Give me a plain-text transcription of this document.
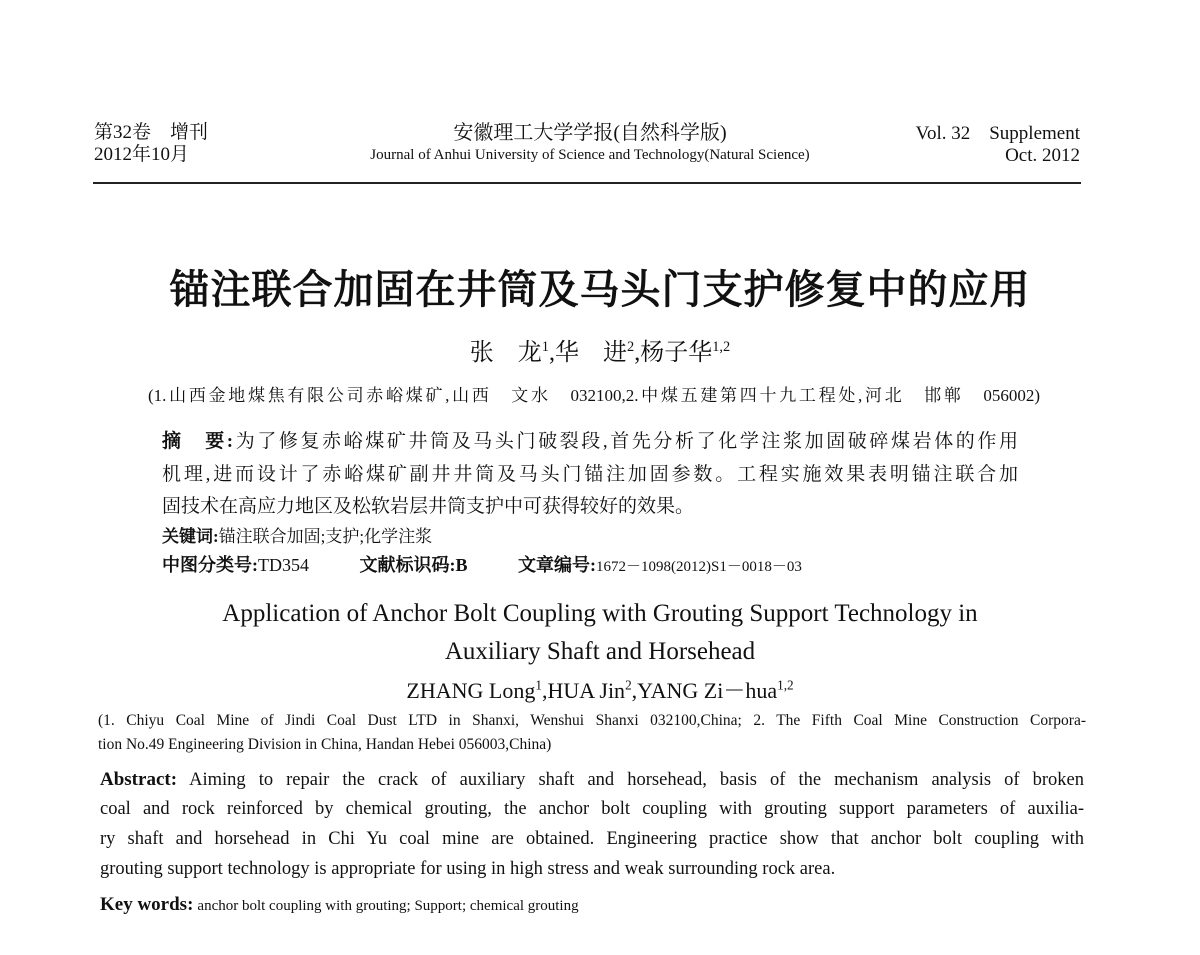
第32卷　增刊
2012年10月
安徽理工大学学报(自然科学版)
Journal of Anhui University of Science and Technology(Natural Science)
Vol. 32　Supplement
Oct. 2012
锚注联合加固在井筒及马头门支护修复中的应用
张　龙$^1$,华　进$^2$,杨子华$^{1,2}$
(1.山西金地煤焦有限公司赤峪煤矿,山西　文水　032100,2.中煤五建第四十九工程处,河北　邯郸　056002)
摘　要:为了修复赤峪煤矿井筒及马头门破裂段,首先分析了化学注浆加固破碎煤岩体的作用
机理,进而设计了赤峪煤矿副井井筒及马头门锚注加固参数。工程实施效果表明锚注联合加
固技术在高应力地区及松软岩层井筒支护中可获得较好的效果。
关键词:锚注联合加固;支护;化学注浆
中图分类号:TD354	文献标识码:B	文章编号:1672－1098(2012)S1－0018－03
Application of Anchor Bolt Coupling with Grouting Support Technology in
Auxiliary Shaft and Horsehead
ZHANG Long$^1$,HUA Jin$^2$,YANG Zi－hua$^{1,2}$
(1. Chiyu Coal Mine of Jindi Coal Dust LTD in Shanxi, Wenshui Shanxi 032100,China; 2. The Fifth Coal Mine Construction Corpora-
tion No.49 Engineering Division in China, Handan Hebei 056003,China)
Abstract: Aiming to repair the crack of auxiliary shaft and horsehead, basis of the mechanism analysis of broken
coal and rock reinforced by chemical grouting, the anchor bolt coupling with grouting support parameters of auxilia-
ry shaft and horsehead in Chi Yu coal mine are obtained. Engineering practice show that anchor bolt coupling with
grouting support technology is appropriate for using in high stress and weak surrounding rock area.
Key words: anchor bolt coupling with grouting; Support; chemical grouting
